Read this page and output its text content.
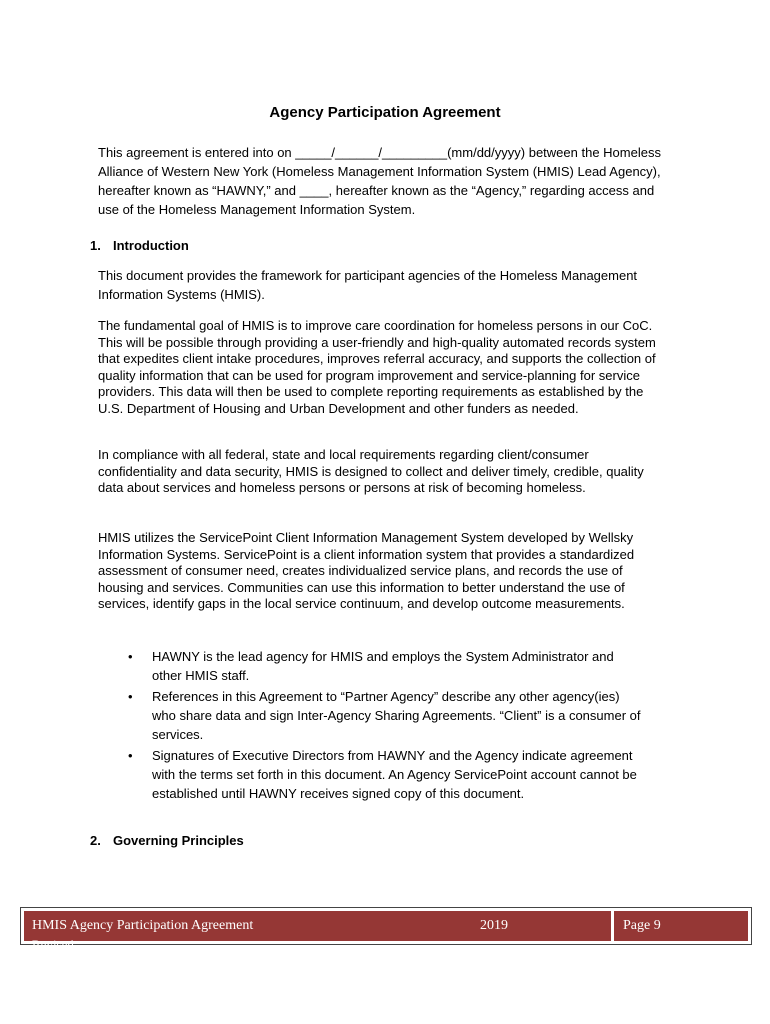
Agency Participation Agreement

This agreement is entered into on _____/______/_________(mm/dd/yyyy) between the Homeless Alliance of Western New York (Homeless Management Information System (HMIS) Lead Agency), hereafter known as “HAWNY,” and ____, hereafter known as the “Agency,” regarding access and use of the Homeless Management Information System.

1. Introduction

This document provides the framework for participant agencies of the Homeless Management Information Systems (HMIS).

The fundamental goal of HMIS is to improve care coordination for homeless persons in our CoC. This will be possible through providing a user-friendly and high-quality automated records system that expedites client intake procedures, improves referral accuracy, and supports the collection of quality information that can be used for program improvement and service-planning for service providers. This data will then be used to complete reporting requirements as established by the U.S. Department of Housing and Urban Development and other funders as needed.

In compliance with all federal, state and local requirements regarding client/consumer confidentiality and data security, HMIS is designed to collect and deliver timely, credible, quality data about services and homeless persons or persons at risk of becoming homeless.

HMIS utilizes the ServicePoint Client Information Management System developed by Wellsky Information Systems. ServicePoint is a client information system that provides a standardized assessment of consumer need, creates individualized service plans, and records the use of housing and services. Communities can use this information to better understand the use of services, identify gaps in the local service continuum, and develop outcome measurements.

• HAWNY is the lead agency for HMIS and employs the System Administrator and other HMIS staff.
• References in this Agreement to “Partner Agency” describe any other agency(ies) who share data and sign Inter-Agency Sharing Agreements. “Client” is a consumer of services.
• Signatures of Executive Directors from HAWNY and the Agency indicate agreement with the terms set forth in this document. An Agency ServicePoint account cannot be established until HAWNY receives signed copy of this document.
2. Governing Principles
HMIS Agency Participation Agreement
Revised
2019	Page 9
